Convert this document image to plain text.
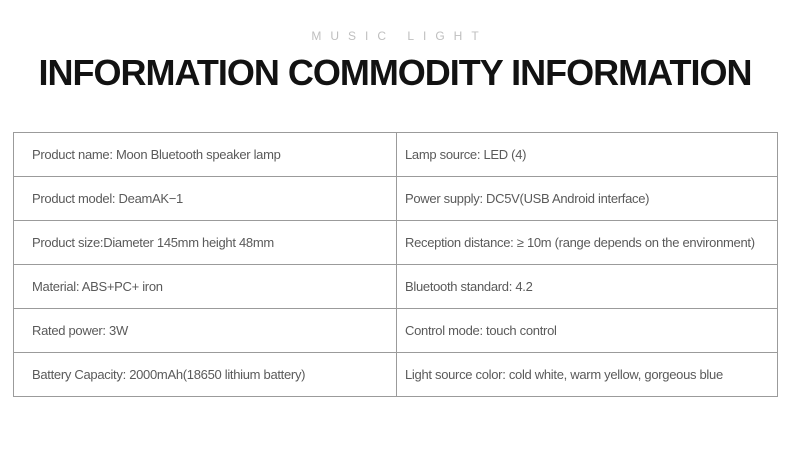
MUSIC LIGHT
INFORMATION COMMODITY INFORMATION
Product name: Moon Bluetooth speaker lamp	Lamp source: LED (4)
Product model: DeamAK−1	Power supply: DC5V(USB Android interface)
Product size:Diameter 145mm height 48mm	Reception distance: ≥ 10m (range depends on the environment)
Material: ABS+PC+ iron	Bluetooth standard: 4.2
Rated power: 3W	Control mode: touch control
Battery Capacity: 2000mAh(18650 lithium battery)	Light source color: cold white, warm yellow, gorgeous blue
